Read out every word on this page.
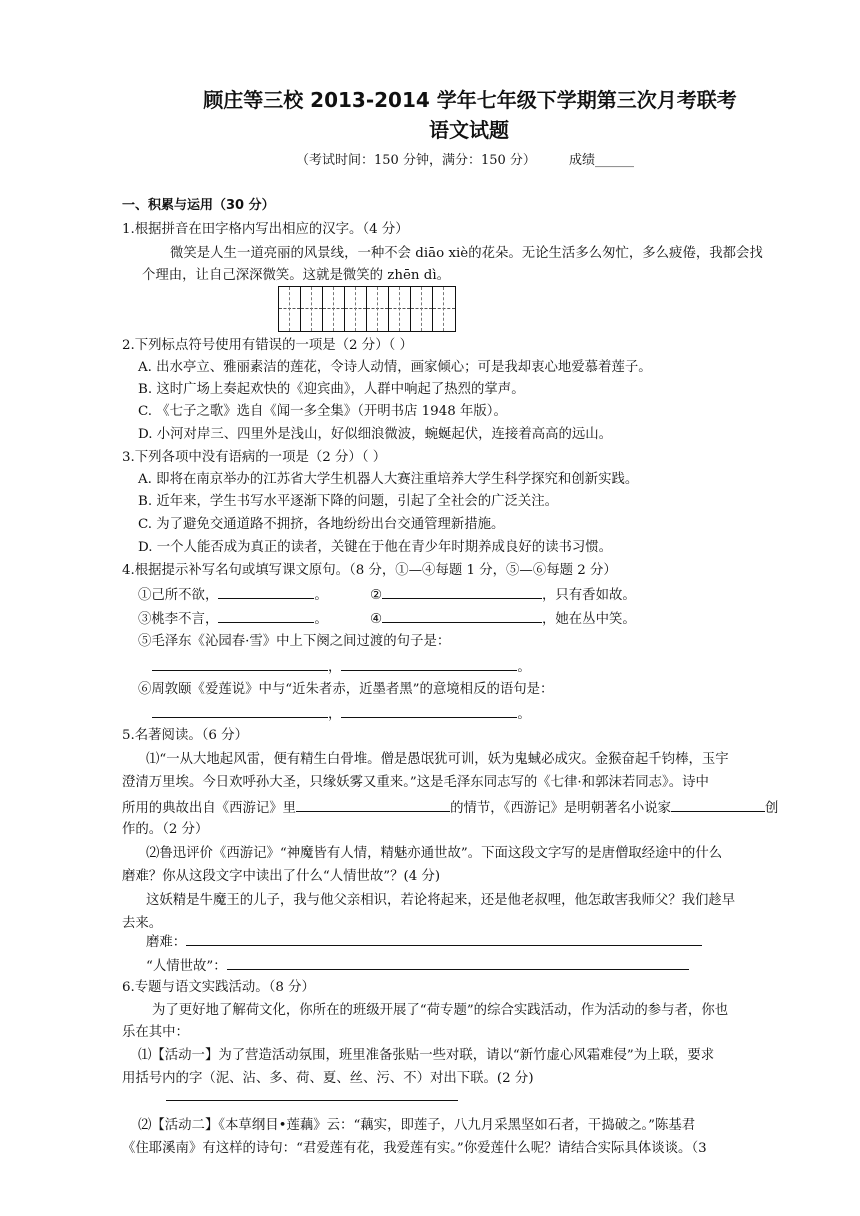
顾庄等三校 2013-2014 学年七年级下学期第三次月考联考
语文试题
（考试时间：150 分钟，满分：150 分）        成绩______
一、积累与运用（30 分）
1.根据拼音在田字格内写出相应的汉字。（4 分）
微笑是人生一道亮丽的风景线，一种不会 diāo xiè的花朵。无论生活多么匆忙，多么疲倦，我都会找
个理由，让自己深深微笑。这就是微笑的 zhēn dì。
2.下列标点符号使用有错误的一项是（2 分）（ ）
A. 出水亭立、雅丽素洁的莲花，令诗人动情，画家倾心；可是我却衷心地爱慕着莲子。
B. 这时广场上奏起欢快的《迎宾曲》，人群中响起了热烈的掌声。
C. 《七子之歌》选自《闻一多全集》（开明书店 1948 年版）。
D. 小河对岸三、四里外是浅山，好似细浪微波，蜿蜒起伏，连接着高高的远山。
3.下列各项中没有语病的一项是（2 分）（ ）
A. 即将在南京举办的江苏省大学生机器人大赛注重培养大学生科学探究和创新实践。
B. 近年来，学生书写水平逐渐下降的问题，引起了全社会的广泛关注。
C. 为了避免交通道路不拥挤，各地纷纷出台交通管理新措施。
D. 一个人能否成为真正的读者，关键在于他在青少年时期养成良好的读书习惯。
4.根据提示补写名句或填写课文原句。（8 分，①—④每题 1 分，⑤—⑥每题 2 分）
①己所不欲，	。	②	，只有香如故。
③桃李不言，	。	④	，她在丛中笑。
⑤毛泽东《沁园春·雪》中上下阕之间过渡的句子是：
，	。
⑥周敦颐《爱莲说》中与“近朱者赤，近墨者黑”的意境相反的语句是：
，	。
5.名著阅读。（6 分）
⑴“一从大地起风雷，便有精生白骨堆。僧是愚氓犹可训，妖为鬼蜮必成灾。金猴奋起千钧棒，玉宇
澄清万里埃。今日欢呼孙大圣，只缘妖雾又重来。”这是毛泽东同志写的《七律·和郭沫若同志》。诗中
所用的典故出自《西游记》里	的情节，《西游记》是明朝著名小说家	创
作的。（2 分）
⑵鲁迅评价《西游记》“神魔皆有人情，精魅亦通世故”。下面这段文字写的是唐僧取经途中的什么
磨难？你从这段文字中读出了什么“人情世故”？(4 分)
这妖精是牛魔王的儿子，我与他父亲相识，若论将起来，还是他老叔哩，他怎敢害我师父？我们趁早
去来。
磨难：
“人情世故”：
6.专题与语文实践活动。（8 分）
为了更好地了解荷文化，你所在的班级开展了“荷专题”的综合实践活动，作为活动的参与者，你也
乐在其中：
⑴【活动一】为了营造活动氛围，班里准备张贴一些对联，请以“新竹虚心风霜难侵”为上联，要求
用括号内的字（泥、沾、多、荷、夏、丝、污、不）对出下联。(2 分)
⑵【活动二】《本草纲目•莲藕》云：“藕实，即莲子，八九月采黑坚如石者，干捣破之。”陈基君
《住耶溪南》有这样的诗句：“君爱莲有花，我爱莲有实。”你爱莲什么呢？请结合实际具体谈谈。（3
